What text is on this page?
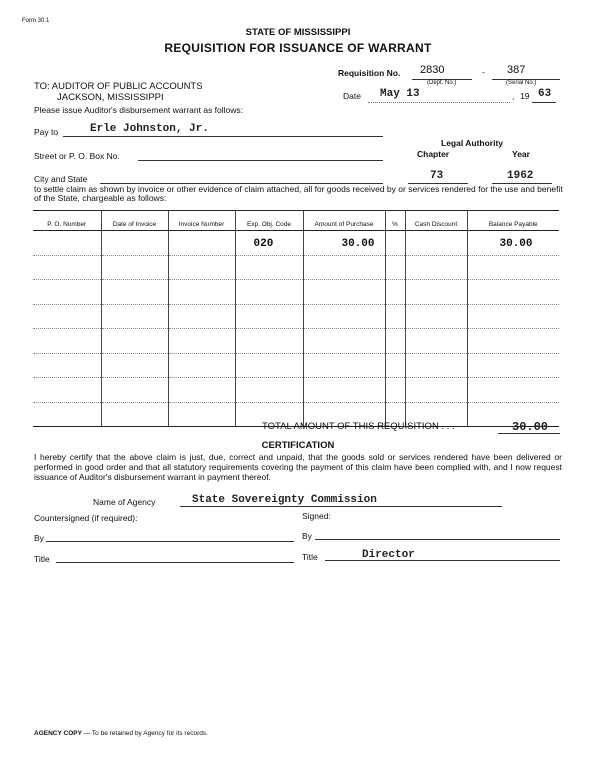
Form 30.1
STATE OF MISSISSIPPI
REQUISITION FOR ISSUANCE OF WARRANT
Requisition No. 2830
(Dept. No.)
- 387
(Serial No.)
Date May 13	, 19 63
TO: AUDITOR OF PUBLIC ACCOUNTS
JACKSON, MISSISSIPPI
Please issue Auditor's disbursement warrant as follows:
Pay to	Erle Johnston, Jr.
Legal Authority
Chapter	Year
Street or P. O. Box No.
City and State	73	1962
to settle claim as shown by invoice or other evidence of claim attached, all for goods received by or services rendered for the use and benefit of the State, chargeable as follows:
P. O. Number	Date of Invoice	Invoice Number	Exp. Obj. Code	Amount of Purchase	%	Cash Discount	Balance Payable

			020	30.00			30.00

TOTAL AMOUNT OF THIS REQUISITION . . .	30.00
CERTIFICATION
I hereby certify that the above claim is just, due, correct and unpaid, that the goods sold or services rendered have been delivered or performed in good order and that all statutory requirements covering the payment of this claim have been complied with, and I now request issuance of Auditor's disbursement warrant in payment thereof.
Name of Agency	State Sovereignty Commission
Countersigned (if required):	Signed:
By	By
Title	Title	Director
AGENCY COPY — To be retained by Agency for its records.
